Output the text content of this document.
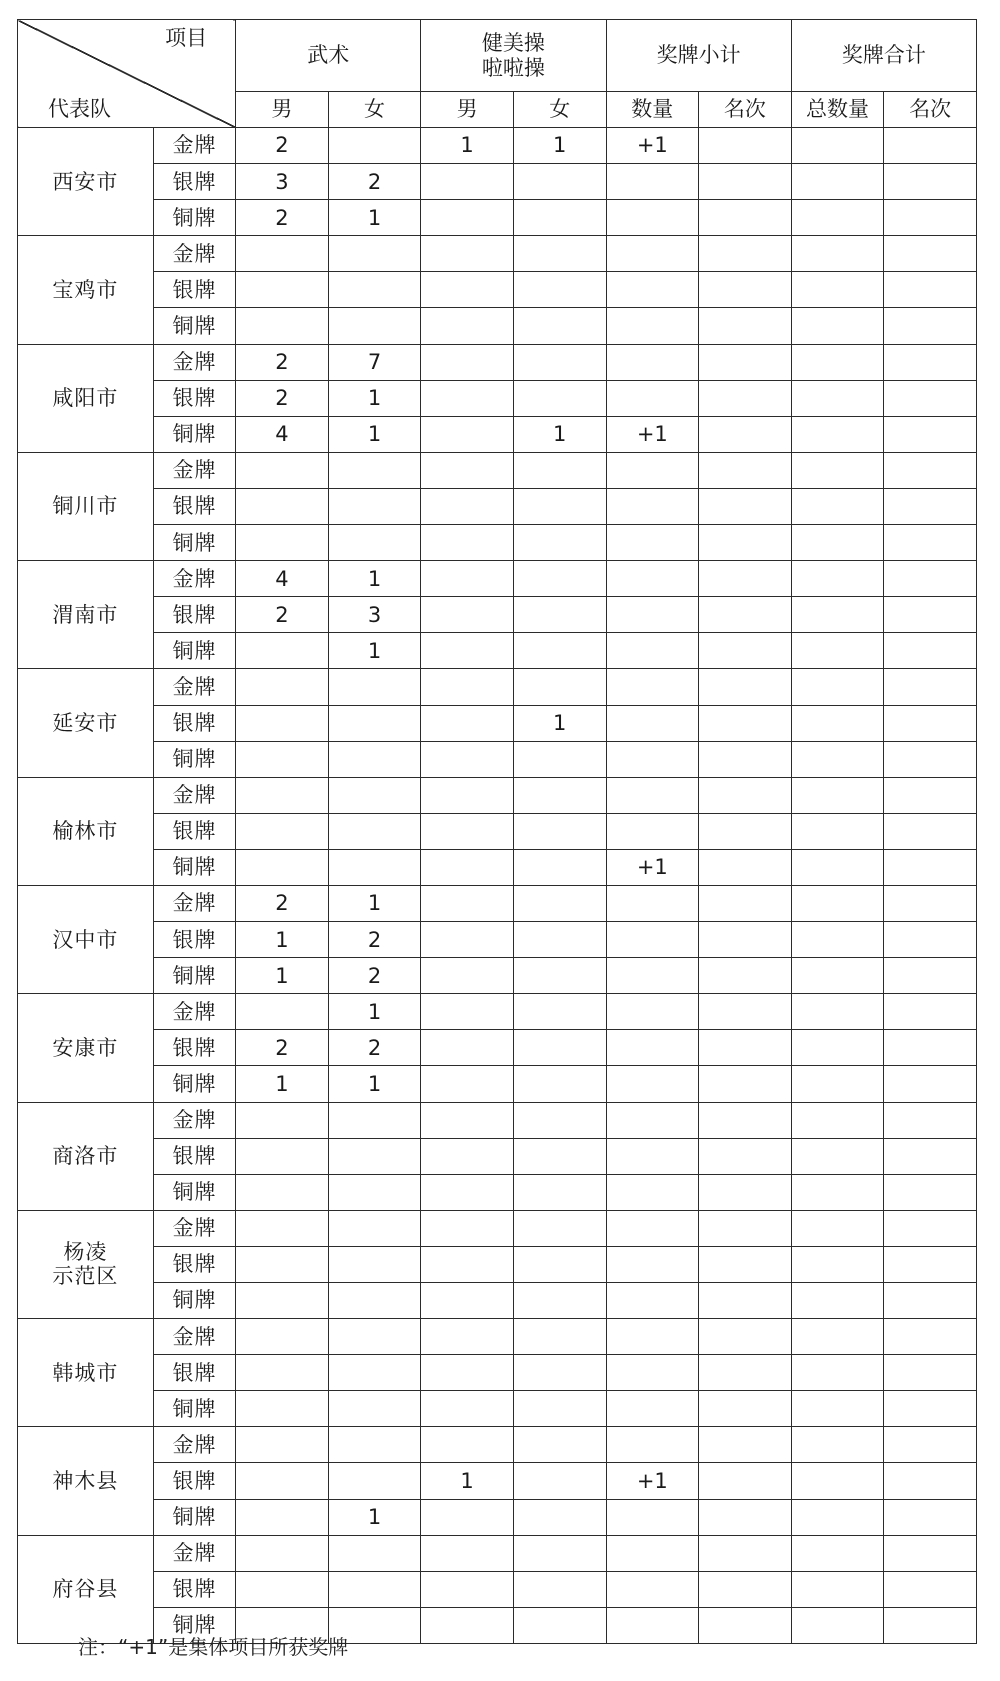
项目
代表队		武术		健美操
啦啦操		奖牌小计		奖牌合计	
		男	女	男	女	数量	名次	总数量	名次
西安市	金牌	2		1	1	+1			
	银牌	3	2						
	铜牌	2	1						
宝鸡市	金牌								
	银牌								
	铜牌								
咸阳市	金牌	2	7						
	银牌	2	1						
	铜牌	4	1		1	+1			
铜川市	金牌								
	银牌								
	铜牌								
渭南市	金牌	4	1						
	银牌	2	3						
	铜牌		1						
延安市	金牌								
	银牌				1				
	铜牌								
榆林市	金牌								
	银牌								
	铜牌					+1			
汉中市	金牌	2	1						
	银牌	1	2						
	铜牌	1	2						
安康市	金牌		1						
	银牌	2	2						
	铜牌	1	1						
商洛市	金牌								
	银牌								
	铜牌								
杨凌
示范区	金牌								
	银牌								
	铜牌								
韩城市	金牌								
	银牌								
	铜牌								
神木县	金牌								
	银牌			1		+1			
	铜牌		1						
府谷县	金牌								
	银牌								
	铜牌								
注：“+1”是集体项目所获奖牌
